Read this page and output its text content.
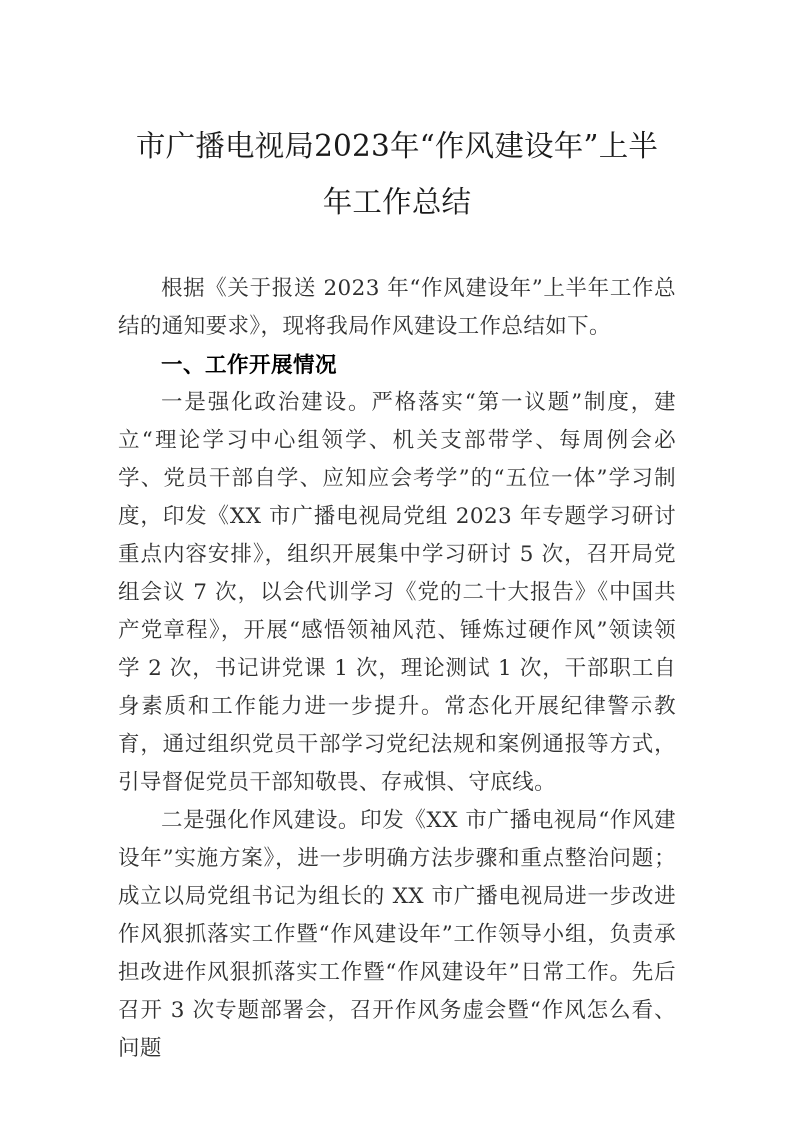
市广播电视局2023年“作风建设年”上半
年工作总结

根据《关于报送 2023 年“作风建设年”上半年工作总结的通知要求》，现将我局作风建设工作总结如下。

一、工作开展情况

一是强化政治建设。严格落实“第一议题”制度，建立“理论学习中心组领学、机关支部带学、每周例会必学、党员干部自学、应知应会考学”的“五位一体”学习制度，印发《XX 市广播电视局党组 2023 年专题学习研讨重点内容安排》，组织开展集中学习研讨 5 次，召开局党组会议 7 次，以会代训学习《党的二十大报告》《中国共产党章程》，开展“感悟领袖风范、锤炼过硬作风”领读领学 2 次，书记讲党课 1 次，理论测试 1 次，干部职工自身素质和工作能力进一步提升。常态化开展纪律警示教育，通过组织党员干部学习党纪法规和案例通报等方式，引导督促党员干部知敬畏、存戒惧、守底线。

二是强化作风建设。印发《XX 市广播电视局“作风建设年”实施方案》，进一步明确方法步骤和重点整治问题；成立以局党组书记为组长的 XX 市广播电视局进一步改进作风狠抓落实工作暨“作风建设年”工作领导小组，负责承担改进作风狠抓落实工作暨“作风建设年”日常工作。先后召开 3 次专题部署会，召开作风务虚会暨“作风怎么看、问题
